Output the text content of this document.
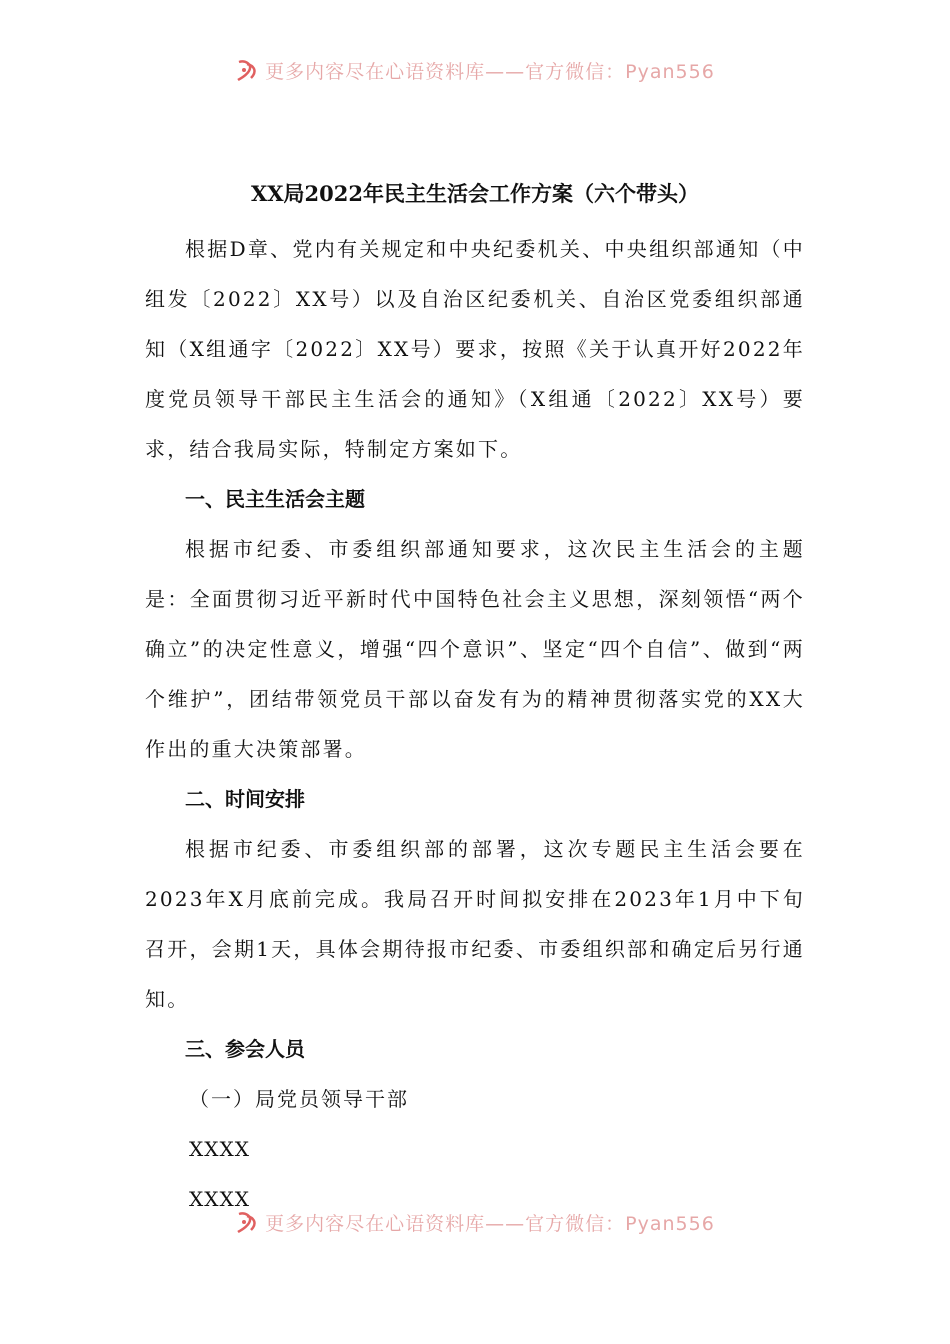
更多内容尽在心语资料库——官方微信：Pyan556
XX局2022年民主生活会工作方案（六个带头）

根据D章、党内有关规定和中央纪委机关、中央组织部通知（中组发〔2022〕XX号）以及自治区纪委机关、自治区党委组织部通知（X组通字〔2022〕XX号）要求，按照《关于认真开好2022年度党员领导干部民主生活会的通知》（X组通〔2022〕XX号）要求，结合我局实际，特制定方案如下。

一、民主生活会主题

根据市纪委、市委组织部通知要求，这次民主生活会的主题是：全面贯彻习近平新时代中国特色社会主义思想，深刻领悟“两个确立”的决定性意义，增强“四个意识”、坚定“四个自信”、做到“两个维护”，团结带领党员干部以奋发有为的精神贯彻落实党的XX大作出的重大决策部署。

二、时间安排

根据市纪委、市委组织部的部署，这次专题民主生活会要在2023年X月底前完成。我局召开时间拟安排在2023年1月中下旬召开，会期1天，具体会期待报市纪委、市委组织部和确定后另行通知。

三、参会人员

（一）局党员领导干部

XXXX

XXXX

更多内容尽在心语资料库——官方微信：Pyan556
